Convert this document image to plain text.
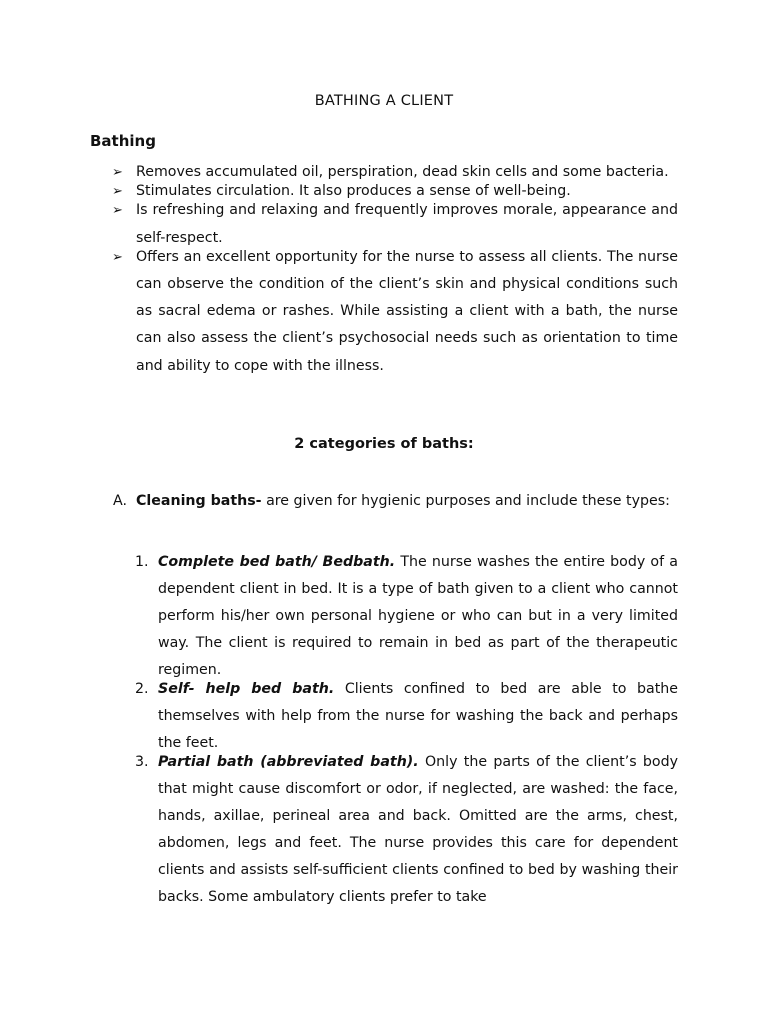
BATHING A CLIENT
Bathing
➢ Removes accumulated oil, perspiration, dead skin cells and some bacteria.
➢ Stimulates circulation. It also produces a sense of well-being.
➢ Is refreshing and relaxing and frequently improves morale, appearance and self-respect.
➢ Offers an excellent opportunity for the nurse to assess all clients. The nurse can observe the condition of the client’s skin and physical conditions such as sacral edema or rashes. While assisting a client with a bath, the nurse can also assess the client’s psychosocial needs such as orientation to time and ability to cope with the illness.
2 categories of baths:
A. Cleaning baths- are given for hygienic purposes and include these types:
1. Complete bed bath/ Bedbath. The nurse washes the entire body of a dependent client in bed. It is a type of bath given to a client who cannot perform his/her own personal hygiene or who can but in a very limited way. The client is required to remain in bed as part of the therapeutic regimen.
2. Self- help bed bath. Clients confined to bed are able to bathe themselves with help from the nurse for washing the back and perhaps the feet.
3. Partial bath (abbreviated bath). Only the parts of the client’s body that might cause discomfort or odor, if neglected, are washed: the face, hands, axillae, perineal area and back. Omitted are the arms, chest, abdomen, legs and feet. The nurse provides this care for dependent clients and assists self-sufficient clients confined to bed by washing their backs. Some ambulatory clients prefer to take
